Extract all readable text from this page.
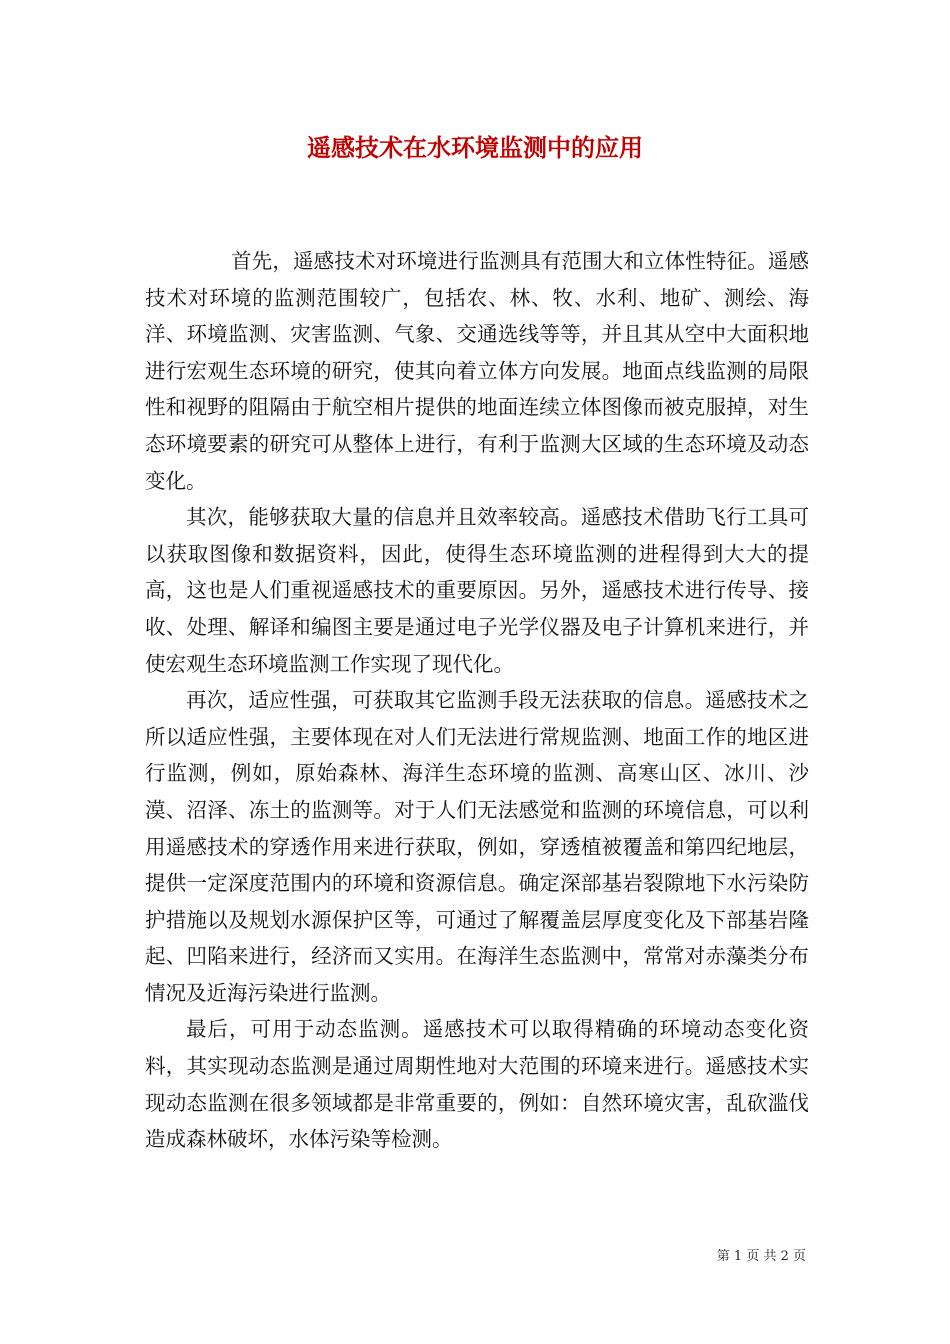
遥感技术在水环境监测中的应用

首先，遥感技术对环境进行监测具有范围大和立体性特征。遥感技术对环境的监测范围较广，包括农、林、牧、水利、地矿、测绘、海洋、环境监测、灾害监测、气象、交通选线等等，并且其从空中大面积地进行宏观生态环境的研究，使其向着立体方向发展。地面点线监测的局限性和视野的阻隔由于航空相片提供的地面连续立体图像而被克服掉，对生态环境要素的研究可从整体上进行，有利于监测大区域的生态环境及动态变化。

其次，能够获取大量的信息并且效率较高。遥感技术借助飞行工具可以获取图像和数据资料，因此，使得生态环境监测的进程得到大大的提高，这也是人们重视遥感技术的重要原因。另外，遥感技术进行传导、接收、处理、解译和编图主要是通过电子光学仪器及电子计算机来进行，并使宏观生态环境监测工作实现了现代化。

再次，适应性强，可获取其它监测手段无法获取的信息。遥感技术之所以适应性强，主要体现在对人们无法进行常规监测、地面工作的地区进行监测，例如，原始森林、海洋生态环境的监测、高寒山区、冰川、沙漠、沼泽、冻土的监测等。对于人们无法感觉和监测的环境信息，可以利用遥感技术的穿透作用来进行获取，例如，穿透植被覆盖和第四纪地层，提供一定深度范围内的环境和资源信息。确定深部基岩裂隙地下水污染防护措施以及规划水源保护区等，可通过了解覆盖层厚度变化及下部基岩隆起、凹陷来进行，经济而又实用。在海洋生态监测中，常常对赤藻类分布情况及近海污染进行监测。

最后，可用于动态监测。遥感技术可以取得精确的环境动态变化资料，其实现动态监测是通过周期性地对大范围的环境来进行。遥感技术实现动态监测在很多领域都是非常重要的，例如：自然环境灾害，乱砍滥伐造成森林破坏，水体污染等检测。

第 1 页 共 2 页
